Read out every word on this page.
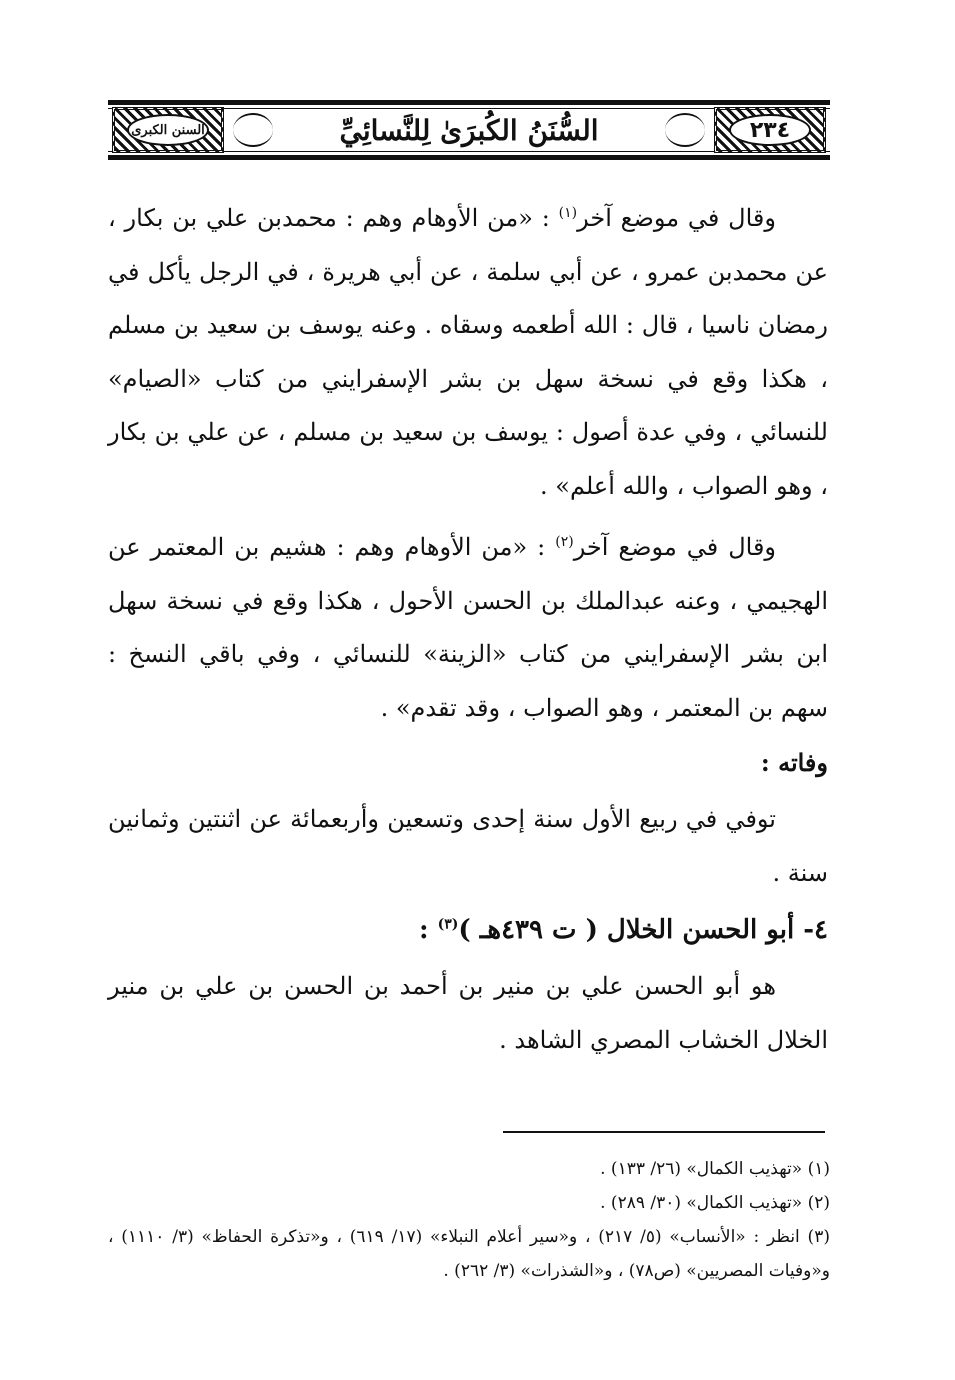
٢٣٤
السُّنَنُ الكُبرَىٰ لِلنَّسائِيِّ
السنن الكبرى

وقال في موضع آخر$^{(١)}$ : «من الأوهام وهم : محمدبن علي بن بكار ، عن محمدبن عمرو ، عن أبي سلمة ، عن أبي هريرة ، في الرجل يأكل في رمضان ناسيا ، قال : الله أطعمه وسقاه . وعنه يوسف بن سعيد بن مسلم ، هكذا وقع في نسخة سهل بن بشر الإسفرايني من كتاب «الصيام» للنسائي ، وفي عدة أصول : يوسف بن سعيد بن مسلم ، عن علي بن بكار ، وهو الصواب ، والله أعلم» .

وقال في موضع آخر$^{(٢)}$ : «من الأوهام وهم : هشيم بن المعتمر عن الهجيمي ، وعنه عبدالملك بن الحسن الأحول ، هكذا وقع في نسخة سهل ابن بشر الإسفرايني من كتاب «الزينة» للنسائي ، وفي باقي النسخ : سهم بن المعتمر ، وهو الصواب ، وقد تقدم» .

وفاته :

توفي في ربيع الأول سنة إحدى وتسعين وأربعمائة عن اثنتين وثمانين سنة .

٤- أبو الحسن الخلال ( ت ٤٣٩هـ )$^{(٣)}$ :

هو أبو الحسن علي بن منير بن أحمد بن الحسن بن علي بن منير الخلال الخشاب المصري الشاهد .

(١) «تهذيب الكمال» (٢٦/ ١٣٣) .

(٢) «تهذيب الكمال» (٣٠/ ٢٨٩) .

(٣) انظر : «الأنساب» (٥/ ٢١٧) ، و«سير أعلام النبلاء» (١٧/ ٦١٩) ، و«تذكرة الحفاظ» (٣/ ١١١٠) ، و«وفيات المصريين» (ص٧٨) ، و«الشذرات» (٣/ ٢٦٢) .
